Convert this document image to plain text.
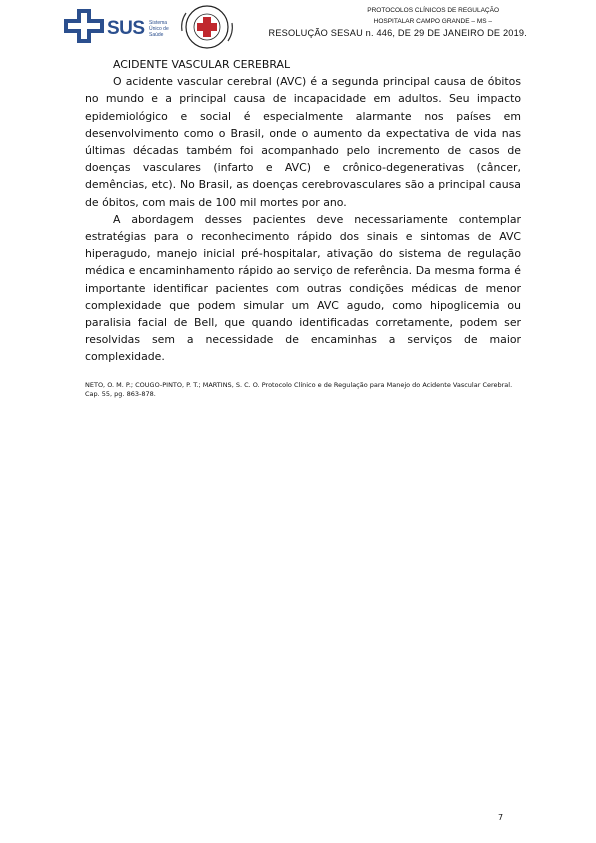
SUS Sistema Único de Saúde
PROTOCOLOS CLÍNICOS DE REGULAÇÃO
HOSPITALAR CAMPO GRANDE – MS –
RESOLUÇÃO SESAU n. 446, DE 29 DE JANEIRO DE 2019.

ACIDENTE VASCULAR CEREBRAL

O acidente vascular cerebral (AVC) é a segunda principal causa de óbitos no mundo e a principal causa de incapacidade em adultos. Seu impacto epidemiológico e social é especialmente alarmante nos países em desenvolvimento como o Brasil, onde o aumento da expectativa de vida nas últimas décadas também foi acompanhado pelo incremento de casos de doenças vasculares (infarto e AVC) e crônico-degenerativas (câncer, demências, etc). No Brasil, as doenças cerebrovasculares são a principal causa de óbitos, com mais de 100 mil mortes por ano.

A abordagem desses pacientes deve necessariamente contemplar estratégias para o reconhecimento rápido dos sinais e sintomas de AVC hiperagudo, manejo inicial pré-hospitalar, ativação do sistema de regulação médica e encaminhamento rápido ao serviço de referência. Da mesma forma é importante identificar pacientes com outras condições médicas de menor complexidade que podem simular um AVC agudo, como hipoglicemia ou paralisia facial de Bell, que quando identificadas corretamente, podem ser resolvidas sem a necessidade de encaminhas a serviços de maior complexidade.

NETO, O. M. P.; COUGO-PINTO, P. T.; MARTINS, S. C. O. Protocolo Clínico e de Regulação para Manejo do Acidente Vascular Cerebral. Cap. 55, pg. 863-878.
7
